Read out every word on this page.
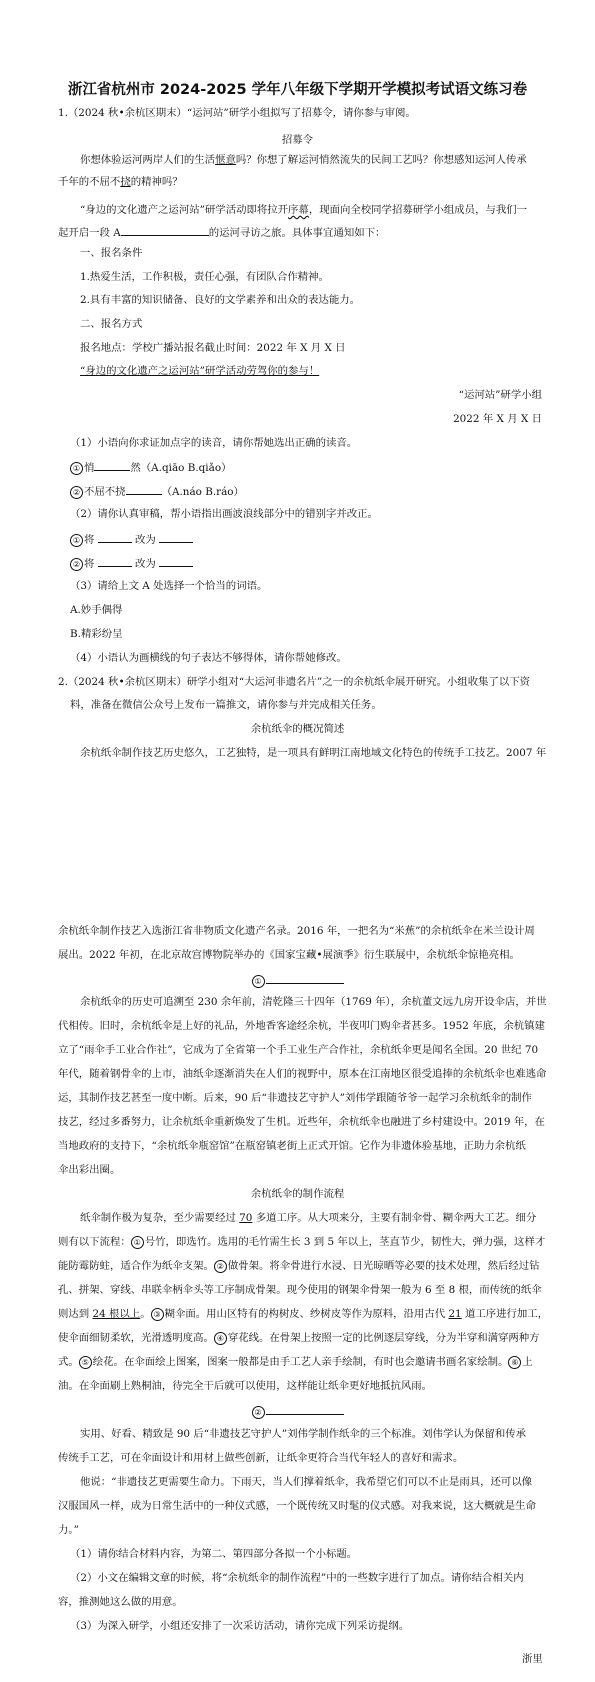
浙江省杭州市 2024-2025 学年八年级下学期开学模拟考试语文练习卷
1.（2024 秋•余杭区期末）“运河站”研学小组拟写了招募令，请你参与审阅。
招募令
你想体验运河两岸人们的生活惬意吗？你想了解运河悄然流失的民间工艺吗？你想感知运河人传承
千年的不屈不挠的精神吗？
“身边的文化遗产之运河站”研学活动即将拉开序幕，现面向全校同学招募研学小组成员，与我们一
起开启一段 A	的运河寻访之旅。具体事宜通知如下：
一、报名条件
1.热爱生活，工作积极，责任心强，有团队合作精神。
2.具有丰富的知识储备、良好的文学素养和出众的表达能力。
二、报名方式
报名地点：学校广播站报名截止时间：2022 年 X 月 X 日
“身边的文化遗产之运河站”研学活动劳驾你的参与！
“运河站”研学小组
2022 年 X 月 X 日
（1）小语向你求证加点字的读音，请你帮她选出正确的读音。
① 悄	然（A.qiāo B.qiǎo）
② 不屈不挠	（A.náo B.ráo）
（2）请你认真审稿，帮小语指出画波浪线部分中的错别字并改正。
① 将	改为
② 将	改为
（3）请给上文 A 处选择一个恰当的词语。
A.妙手偶得
B.精彩纷呈
（4）小语认为画横线的句子表达不够得体，请你帮她修改。
2.（2024 秋•余杭区期末）研学小组对“大运河非遗名片”之一的余杭纸伞展开研究。小组收集了以下资
料，准备在微信公众号上发布一篇推文，请你参与并完成相关任务。
余杭纸伞的概况简述
余杭纸伞制作技艺历史悠久，工艺独特，是一项具有鲜明江南地域文化特色的传统手工技艺。2007 年
余杭纸伞制作技艺入选浙江省非物质文化遗产名录。2016 年，一把名为“米蕉”的余杭纸伞在米兰设计周
展出。2022 年初，在北京故宫博物院举办的《国家宝藏•展演季》衍生联展中，余杭纸伞惊艳亮相。
①
余杭纸伞的历史可追溯至 230 余年前，清乾隆三十四年（1769 年），余杭董文远九房开设伞店，并世
代相传。旧时，余杭纸伞是上好的礼品，外地香客途经余杭，半夜叩门购伞者甚多。1952 年底，余杭镇建
立了“雨伞手工业合作社”，它成为了全省第一个手工业生产合作社，余杭纸伞更是闻名全国。20 世纪 70
年代，随着钢骨伞的上市，油纸伞逐渐消失在人们的视野中，原本在江南地区很受追捧的余杭纸伞也难逃命
运，其制作技艺甚至一度中断。后来，90 后“非遗技艺守护人”刘伟学跟随爷爷一起学习余杭纸伞的制作
技艺，经过多番努力，让余杭纸伞重新焕发了生机。近些年，余杭纸伞也融进了乡村建设中。2019 年，在
当地政府的支持下，“余杭纸伞瓶窑馆”在瓶窑镇老街上正式开馆。它作为非遗体验基地，正助力余杭纸
伞出彩出圈。
余杭纸伞的制作流程
纸伞制作极为复杂，至少需要经过 70 多道工序。从大项来分，主要有制伞骨、糊伞两大工艺。细分
则有以下流程： ① 号竹，即选竹。选用的毛竹需生长 3 到 5 年以上，茎直节少，韧性大，弹力强，这样才
能防霉防蛀，适合作为纸伞支架。 ② 做骨架。将伞骨进行水浸、日光晾晒等必要的技术处理，然后经过钻
孔、拼架、穿线、串联伞柄伞头等工序制成骨架。现今使用的钢架伞骨架一般为 6 至 8 根，而传统的纸伞
则达到 24 根以上。 ③ 糊伞面。用山区特有的构树皮、纱树皮等作为原料，沿用古代 21 道工序进行加工，
使伞面细韧柔软，光滑透明度高。 ④ 穿花线。在骨架上按照一定的比例逐层穿线，分为半穿和满穿两种方
式。 ⑤ 绘花。在伞面绘上图案，图案一般都是由手工艺人亲手绘制，有时也会邀请书画名家绘制。 ⑥ 上
油。在伞面刷上熟桐油，待完全干后就可以使用，这样能让纸伞更好地抵抗风雨。
②
实用、好看、精致是 90 后“非遗技艺守护人”刘伟学制作纸伞的三个标准。刘伟学认为保留和传承
传统手工艺，可在伞面设计和用材上做些创新，让纸伞更符合当代年轻人的喜好和需求。
他说：“非遗技艺更需要生命力。下雨天，当人们撑着纸伞，我希望它们可以不止是雨具，还可以像
汉服国风一样，成为日常生活中的一种仪式感，一个既传统又时髦的仪式感。对我来说，这大概就是生命
力。”
（1）请你结合材料内容，为第二、第四部分各拟一个小标题。
（2）小文在编辑文章的时候，将“余杭纸伞的制作流程”中的一些数字进行了加点。请你结合相关内
容，推测她这么做的用意。
（3）为深入研学，小组还安排了一次采访活动，请你完成下列采访提纲。
浙里
